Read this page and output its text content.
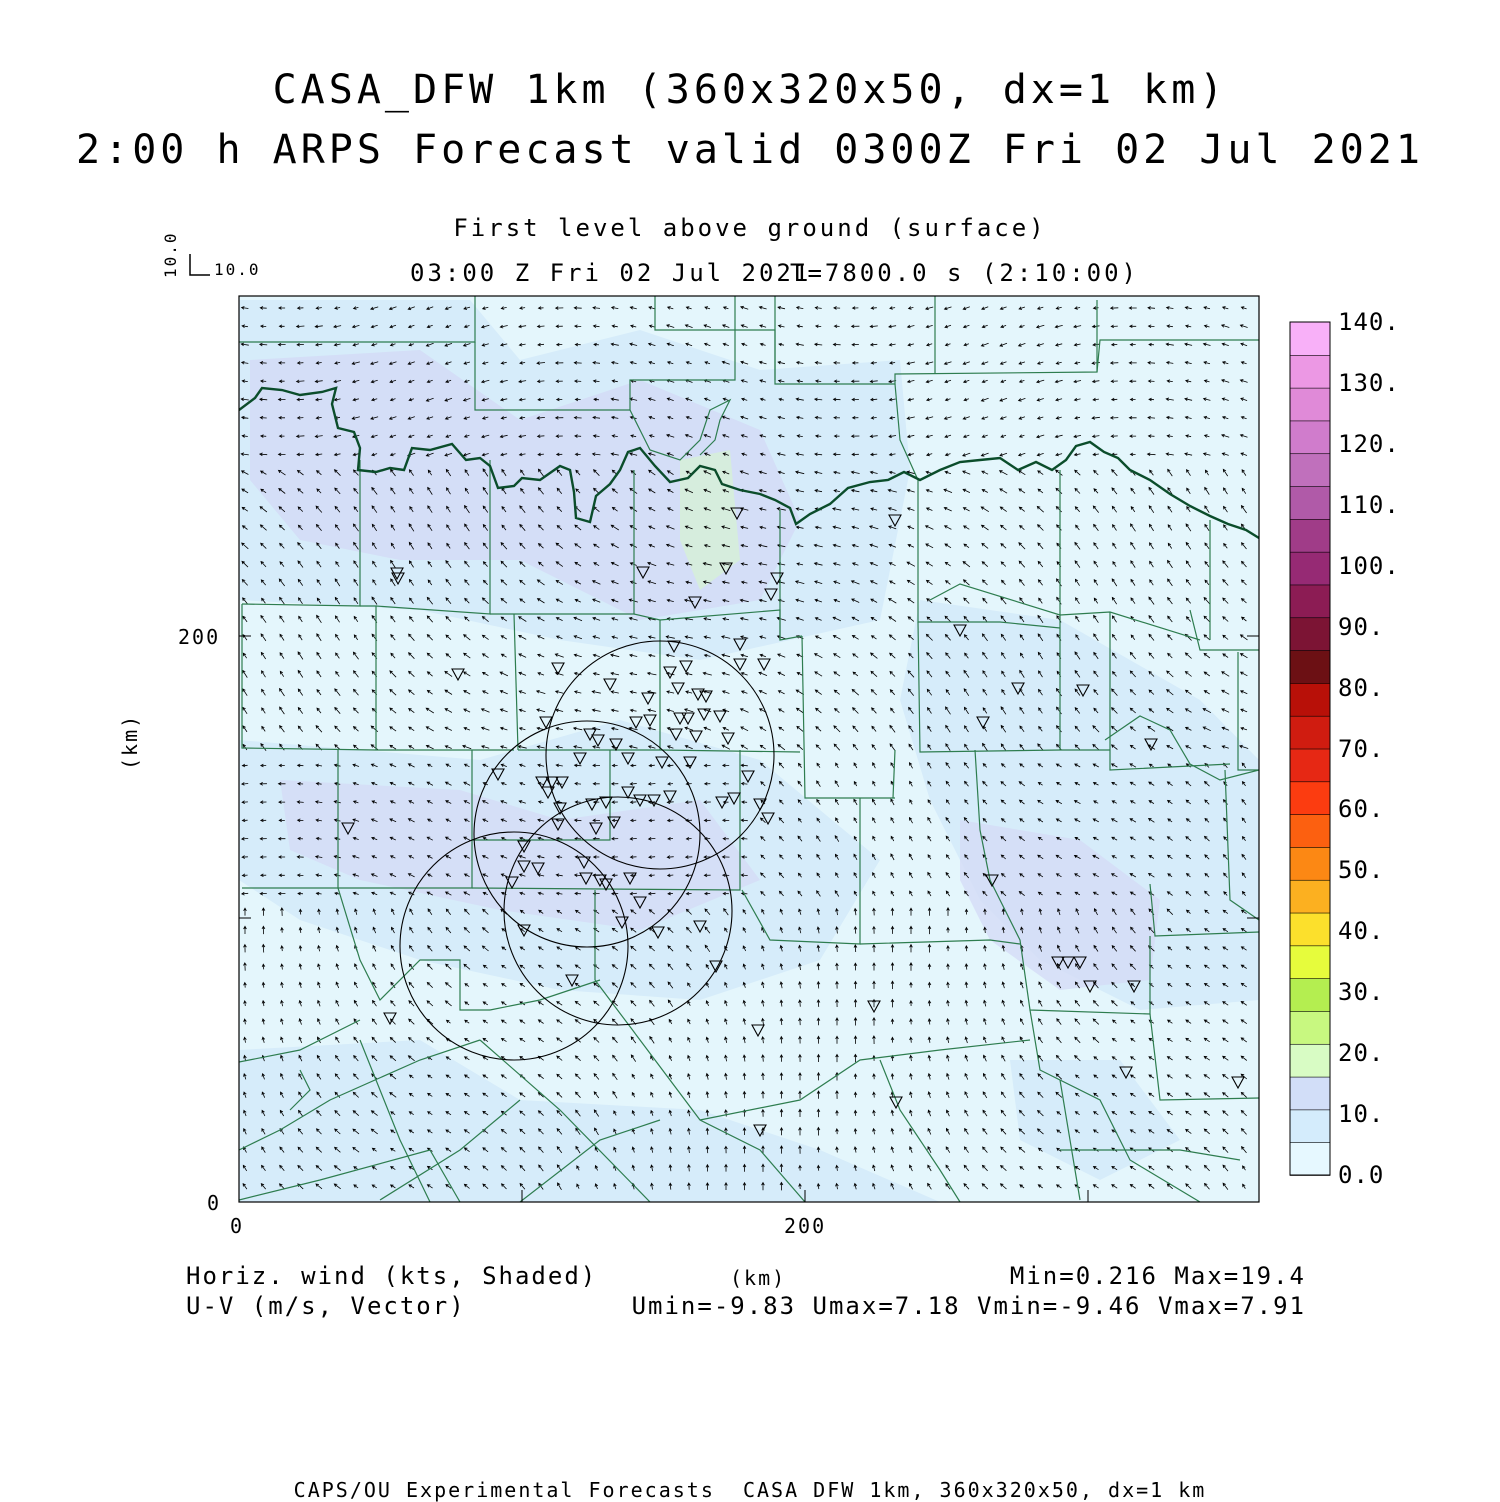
CASA_DFW 1km (360x320x50, dx=1 km)
2:00 h ARPS Forecast valid 0300Z Fri 02 Jul 2021
First level above ground (surface)
03:00 Z Fri 02 Jul 2021
T=7800.0 s (2:10:00)
10.0 10.0
(km)
(km)
200
0
0	200
Horiz. wind (kts, Shaded)
U-V (m/s, Vector)
Min=0.216 Max=19.4
Umin=-9.83 Umax=7.18 Vmin=-9.46 Vmax=7.91
CAPS/OU Experimental Forecasts  CASA DFW 1km, 360x320x50, dx=1 km
0.0
10.
20.
30.
40.
50.
60.
70.
80.
90.
100.
110.
120.
130.
140.
